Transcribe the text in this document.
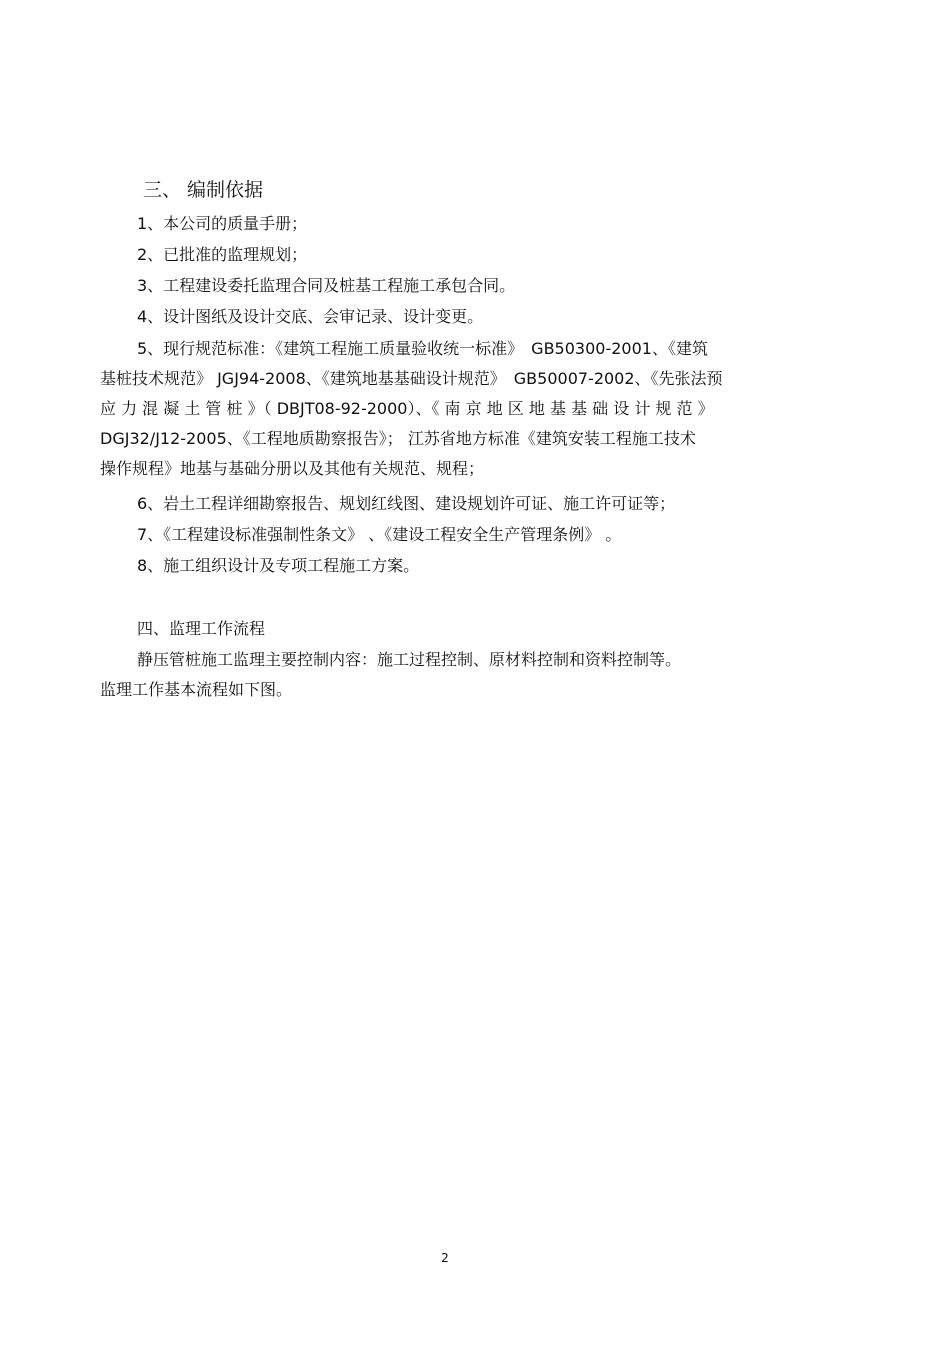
三、 编制依据
1、本公司的质量手册；
2、已批准的监理规划；
3、工程建设委托监理合同及桩基工程施工承包合同。
4、设计图纸及设计交底、会审记录、设计变更。
5、现行规范标准：《建筑工程施工质量验收统一标准》　GB50300-2001、《建筑
基桩技术规范》 JGJ94-2008、《建筑地基基础设计规范》　GB50007-2002、《先张法预
应 力 混 凝 土 管 桩 》（ DBJT08-92-2000）、《 南 京 地 区 地 基 基 础 设 计 规 范 》
DGJ32/J12-2005、《工程地质勘察报告》； 江苏省地方标准《建筑安装工程施工技术
操作规程》地基与基础分册以及其他有关规范、规程；
6、岩土工程详细勘察报告、规划红线图、建设规划许可证、施工许可证等；
7、《工程建设标准强制性条文》 、《建设工程安全生产管理条例》 。
8、施工组织设计及专项工程施工方案。
四、监理工作流程
静压管桩施工监理主要控制内容：施工过程控制、原材料控制和资料控制等。
监理工作基本流程如下图。
2
